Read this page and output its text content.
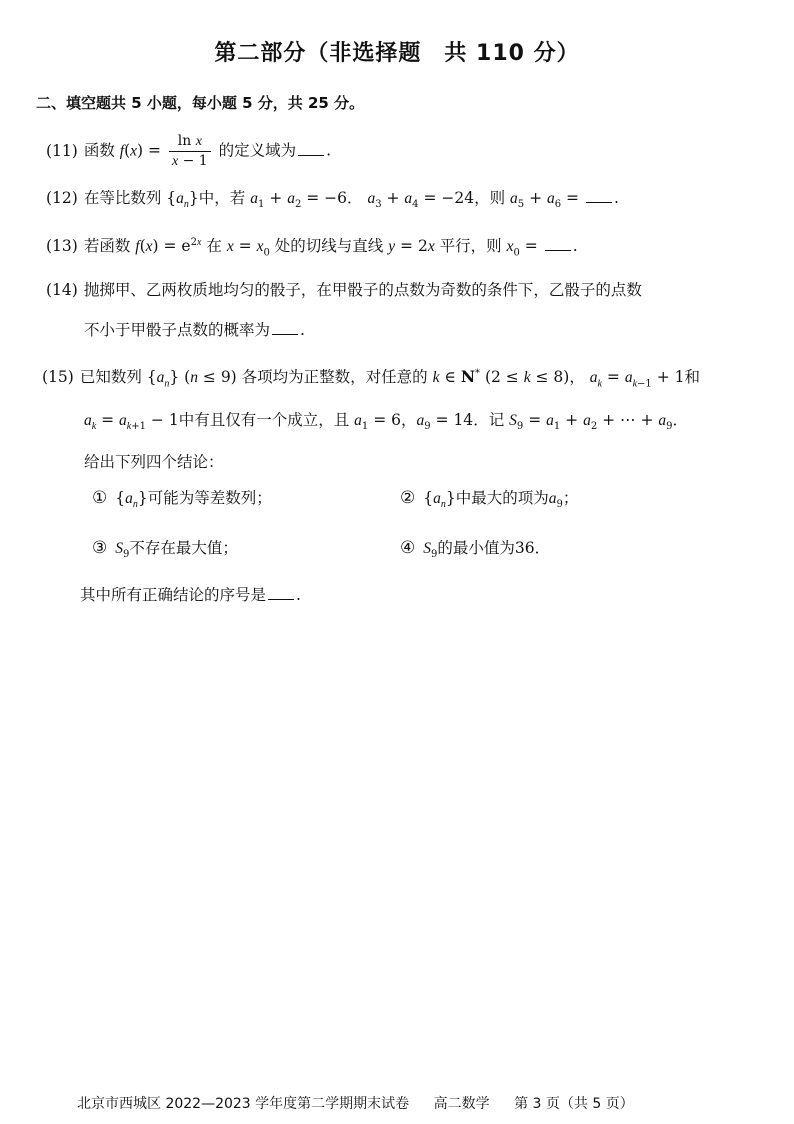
第二部分（非选择题　共 110 分）
二、填空题共 5 小题，每小题 5 分，共 25 分。
(11) 函数 $f(x) = \frac{\text{ln x}}{x - 1}$ 的定义域为 .
(12) 在等比数列 $\{a_n\}$中，若 $a_1 + a_2 = -6$． $a_3 + a_4 = -24$，则 $a_5 + a_6$ = .
(13) 若函数 $f(x) = e^{2x}$ 在 $x = x_0$ 处的切线与直线 y = 2x 平行，则 $x_0$ = .
(14) 抛掷甲、乙两枚质地均匀的骰子，在甲骰子的点数为奇数的条件下，乙骰子的点数
不小于甲骰子点数的概率为 .
(15) 已知数列 $\{a_n\} (n \le 9)$ 各项均为正整数，对任意的 k ∈ N* (2 ≤ k ≤ 8)， $a_k = a_{k-1} + 1$和
$a_k = a_{k+1} - 1$中有且仅有一个成立，且 $a_1 = 6$，$a_9 = 14$．记 $S_9 = a_1 + a_2$ + ⋯ + $a_9$．
给出下列四个结论：
① $\{a_n\}$可能为等差数列；	② $\{a_n\}$中最大的项为$a_9$；
③ $S_9$不存在最大值；	④ $S_9$的最小值为36．
其中所有正确结论的序号是 .
北京市西城区 2022—2023 学年度第二学期期末试卷 高二数学 第 3 页（共 5 页）
